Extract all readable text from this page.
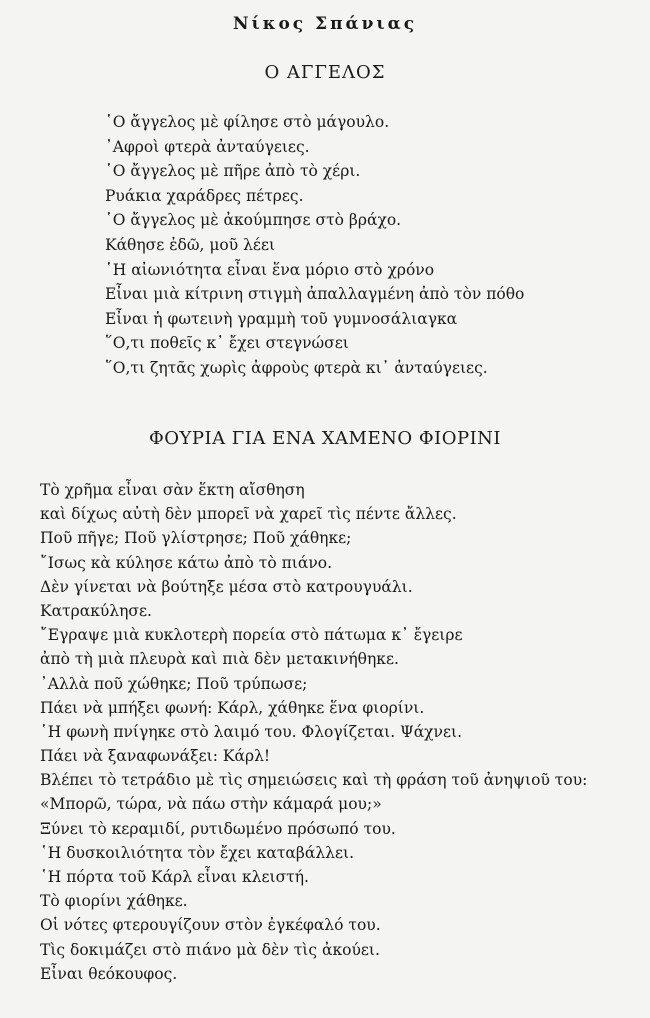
Νίκος Σπάνιας
Ο ΑΓΓΕΛΟΣ
῾Ο ἄγγελος μὲ φίλησε στὸ μάγουλο.
᾿Αφροὶ φτερὰ ἀνταύγειες.
῾Ο ἄγγελος μὲ πῆρε ἀπὸ τὸ χέρι.
Ρυάκια χαράδρες πέτρες.
῾Ο ἄγγελος μὲ ἀκούμπησε στὸ βράχο.
Κάθησε ἐδῶ, μοῦ λέει
῾Η αἰωνιότητα εἶναι ἕνα μόριο στὸ χρόνο
Εἶναι μιὰ κίτρινη στιγμὴ ἀπαλλαγμένη ἀπὸ τὸν πόθο
Εἶναι ἡ φωτεινὴ γραμμὴ τοῦ γυμνοσάλιαγκα
῞Ο,τι ποθεῖς κ᾿ ἔχει στεγνώσει
῞Ο,τι ζητᾶς χωρὶς ἀφροὺς φτερὰ κι᾿ ἀνταύγειες.
ΦΟΥΡΙΑ ΓΙΑ ΕΝΑ ΧΑΜΕΝΟ ΦΙΟΡΙΝΙ
Τὸ χρῆμα εἶναι σὰν ἕκτη αἴσθηση
καὶ δίχως αὐτὴ δὲν μπορεῖ νὰ χαρεῖ τὶς πέντε ἄλλες.
Ποῦ πῆγε; Ποῦ γλίστρησε; Ποῦ χάθηκε;
῎Ισως κὰ κύλησε κάτω ἀπὸ τὸ πιάνο.
Δὲν γίνεται νὰ βούτηξε μέσα στὸ κατρουγυάλι.
Κατρακύλησε.
῎Εγραψε μιὰ κυκλοτερὴ πορεία στὸ πάτωμα κ᾿ ἔγειρε
ἀπὸ τὴ μιὰ πλευρὰ καὶ πιὰ δὲν μετακινήθηκε.
᾿Αλλὰ ποῦ χώθηκε; Ποῦ τρύπωσε;
Πάει νὰ μπήξει φωνή: Κάρλ, χάθηκε ἕνα φιορίνι.
῾Η φωνὴ πνίγηκε στὸ λαιμό του. Φλογίζεται. Ψάχνει.
Πάει νὰ ξαναφωνάξει: Κάρλ!
Βλέπει τὸ τετράδιο μὲ τὶς σημειώσεις καὶ τὴ φράση τοῦ ἀνηψιοῦ του:
«Μπορῶ, τώρα, νὰ πάω στὴν κάμαρά μου;»
Ξύνει τὸ κεραμιδί, ρυτιδωμένο πρόσωπό του.
῾Η δυσκοιλιότητα τὸν ἔχει καταβάλλει.
῾Η πόρτα τοῦ Κάρλ εἶναι κλειστή.
Τὸ φιορίνι χάθηκε.
Οἱ νότες φτερουγίζουν στὸν ἐγκέφαλό του.
Τὶς δοκιμάζει στὸ πιάνο μὰ δὲν τὶς ἀκούει.
Εἶναι θεόκουφος.
